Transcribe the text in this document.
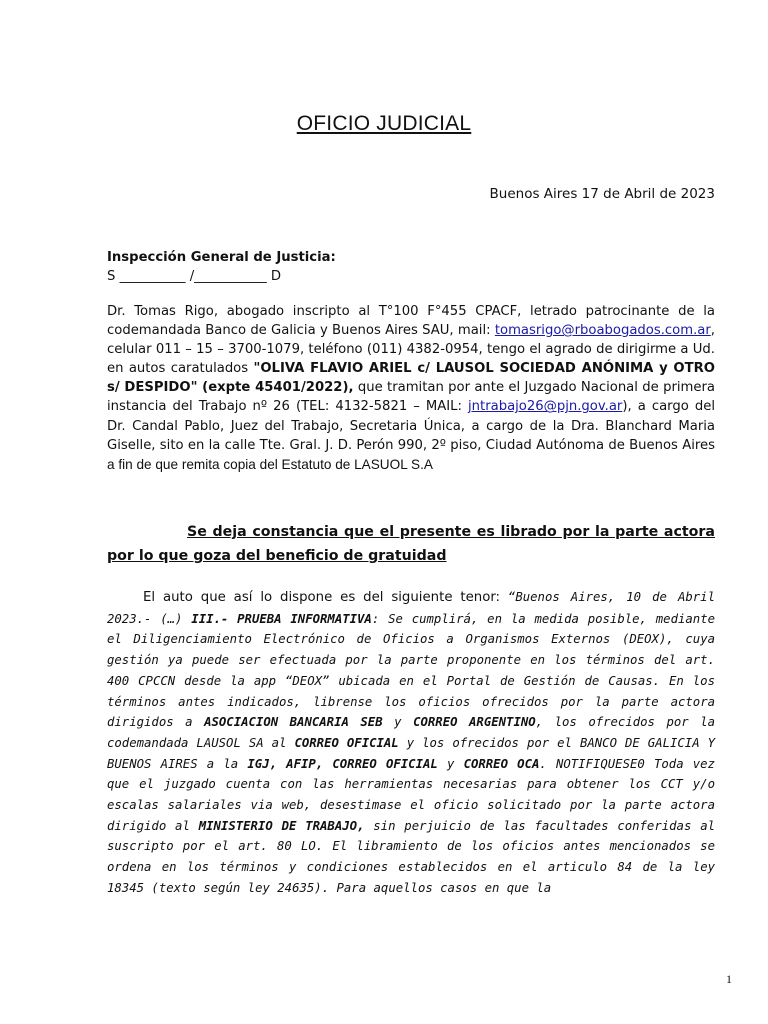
OFICIO JUDICIAL
Buenos Aires 17 de Abril de 2023
Inspección General de Justicia:
S __________ /___________ D
Dr. Tomas Rigo, abogado inscripto al T°100 F°455 CPACF, letrado patrocinante de la codemandada Banco de Galicia y Buenos Aires SAU, mail: tomasrigo@rboabogados.com.ar, celular 011 – 15 – 3700-1079, teléfono (011) 4382-0954, tengo el agrado de dirigirme a Ud. en autos caratulados "OLIVA FLAVIO ARIEL c/ LAUSOL SOCIEDAD ANÓNIMA y OTRO s/ DESPIDO" (expte 45401/2022), que tramitan por ante el Juzgado Nacional de primera instancia del Trabajo nº 26 (TEL: 4132-5821 – MAIL: jntrabajo26@pjn.gov.ar), a cargo del Dr. Candal Pablo, Juez del Trabajo, Secretaria Única, a cargo de la Dra. Blanchard Maria Giselle, sito en la calle Tte. Gral. J. D. Perón 990, 2º piso, Ciudad Autónoma de Buenos Aires a fin de que remita copia del Estatuto de LASUOL S.A
Se deja constancia que el presente es librado por la parte actora por lo que goza del beneficio de gratuidad
El auto que así lo dispone es del siguiente tenor: “Buenos Aires, 10 de Abril 2023.- (…) III.- PRUEBA INFORMATIVA: Se cumplirá, en la medida posible, mediante el Diligenciamiento Electrónico de Oficios a Organismos Externos (DEOX), cuya gestión ya puede ser efectuada por la parte proponente en los términos del art. 400 CPCCN desde la app “DEOX” ubicada en el Portal de Gestión de Causas. En los términos antes indicados, librense los oficios ofrecidos por la parte actora dirigidos a ASOCIACION BANCARIA SEB y CORREO ARGENTINO, los ofrecidos por la codemandada LAUSOL SA al CORREO OFICIAL y los ofrecidos por el BANCO DE GALICIA Y BUENOS AIRES a la IGJ, AFIP, CORREO OFICIAL y CORREO OCA. NOTIFIQUESE0 Toda vez que el juzgado cuenta con las herramientas necesarias para obtener los CCT y/o escalas salariales via web, desestimase el oficio solicitado por la parte actora dirigido al MINISTERIO DE TRABAJO, sin perjuicio de las facultades conferidas al suscripto por el art. 80 LO. El libramiento de los oficios antes mencionados se ordena en los términos y condiciones establecidos en el articulo 84 de la ley 18345 (texto según ley 24635). Para aquellos casos en que la
1
